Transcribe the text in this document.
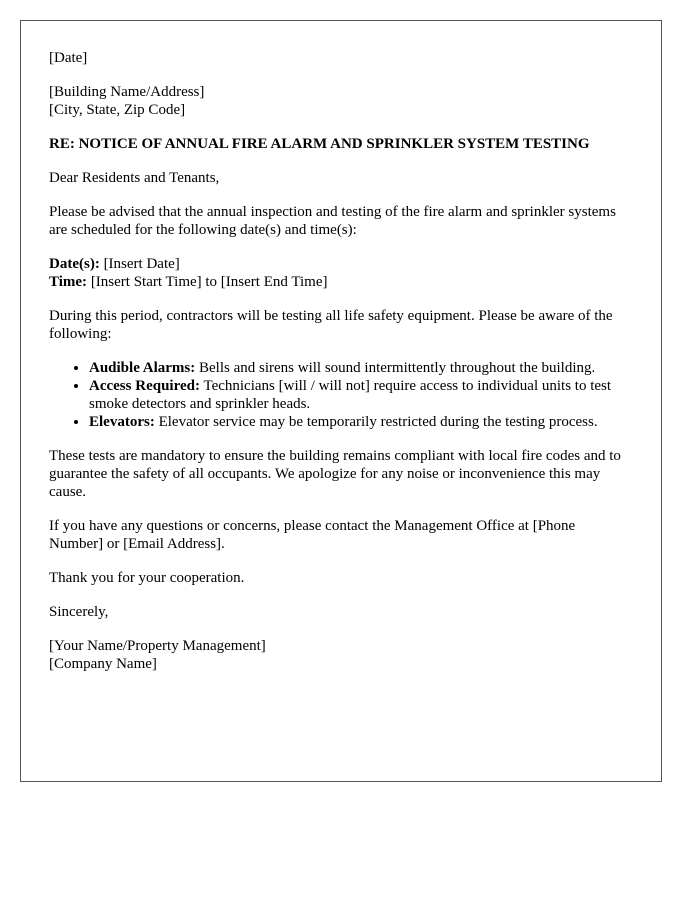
[Date]

[Building Name/Address]
[City, State, Zip Code]

RE: NOTICE OF ANNUAL FIRE ALARM AND SPRINKLER SYSTEM TESTING

Dear Residents and Tenants,

Please be advised that the annual inspection and testing of the fire alarm and sprinkler systems are scheduled for the following date(s) and time(s):

Date(s): [Insert Date]
Time: [Insert Start Time] to [Insert End Time]

During this period, contractors will be testing all life safety equipment. Please be aware of the following:

• Audible Alarms: Bells and sirens will sound intermittently throughout the building.
• Access Required: Technicians [will / will not] require access to individual units to test smoke detectors and sprinkler heads.
• Elevators: Elevator service may be temporarily restricted during the testing process.

These tests are mandatory to ensure the building remains compliant with local fire codes and to guarantee the safety of all occupants. We apologize for any noise or inconvenience this may cause.

If you have any questions or concerns, please contact the Management Office at [Phone Number] or [Email Address].

Thank you for your cooperation.

Sincerely,

[Your Name/Property Management]
[Company Name]
